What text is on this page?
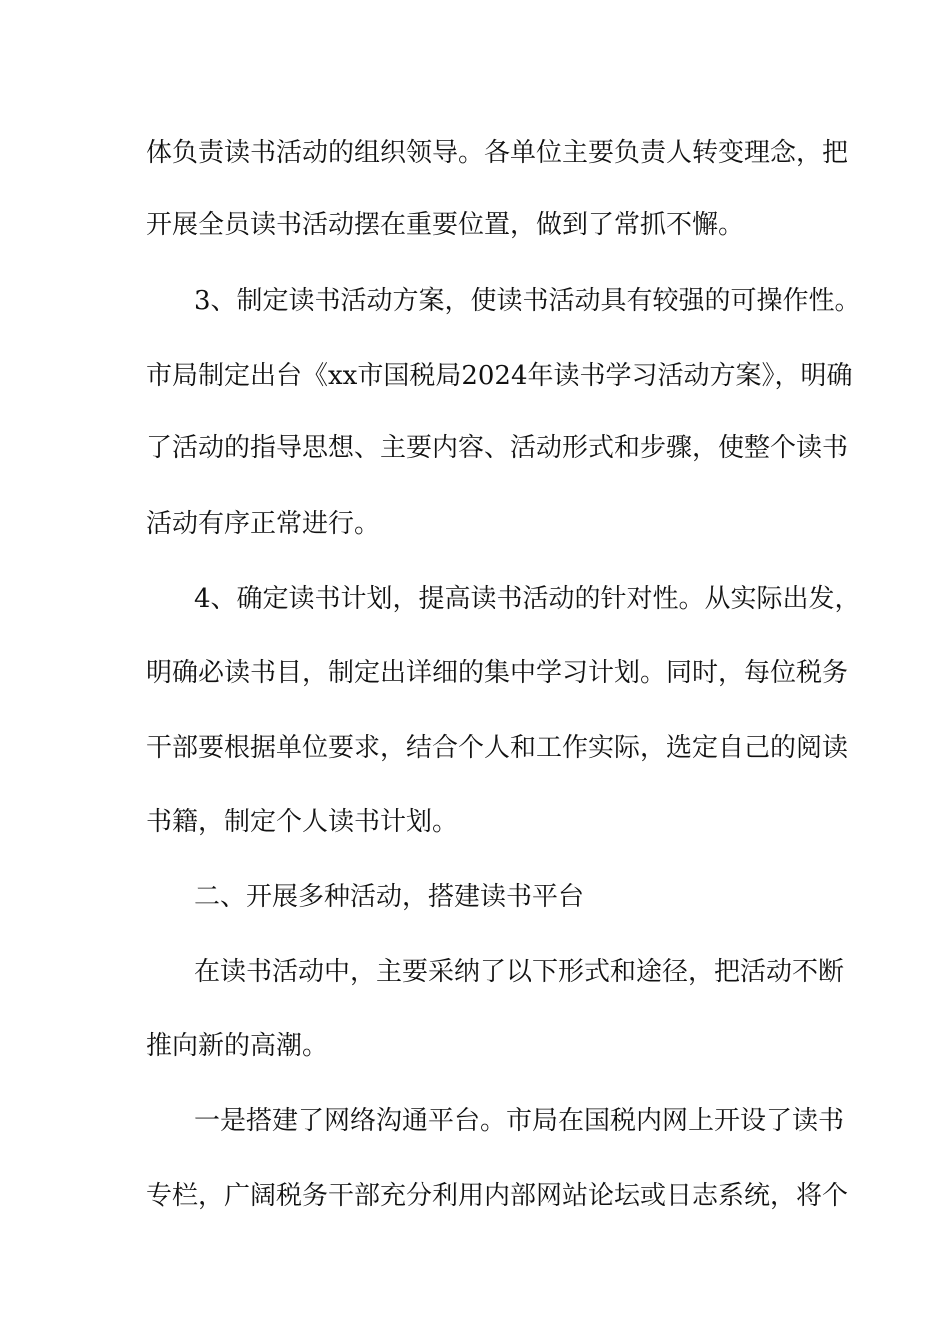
体负责读书活动的组织领导。各单位主要负责人转变理念，把
开展全员读书活动摆在重要位置，做到了常抓不懈。
3、制定读书活动方案，使读书活动具有较强的可操作性。
市局制定出台《xx市国税局2024年读书学习活动方案》，明确
了活动的指导思想、主要内容、活动形式和步骤，使整个读书
活动有序正常进行。
4、确定读书计划，提高读书活动的针对性。从实际出发，
明确必读书目，制定出详细的集中学习计划。同时，每位税务
干部要根据单位要求，结合个人和工作实际，选定自己的阅读
书籍，制定个人读书计划。
二、开展多种活动，搭建读书平台
在读书活动中，主要采纳了以下形式和途径，把活动不断
推向新的高潮。
一是搭建了网络沟通平台。市局在国税内网上开设了读书
专栏，广阔税务干部充分利用内部网站论坛或日志系统，将个
